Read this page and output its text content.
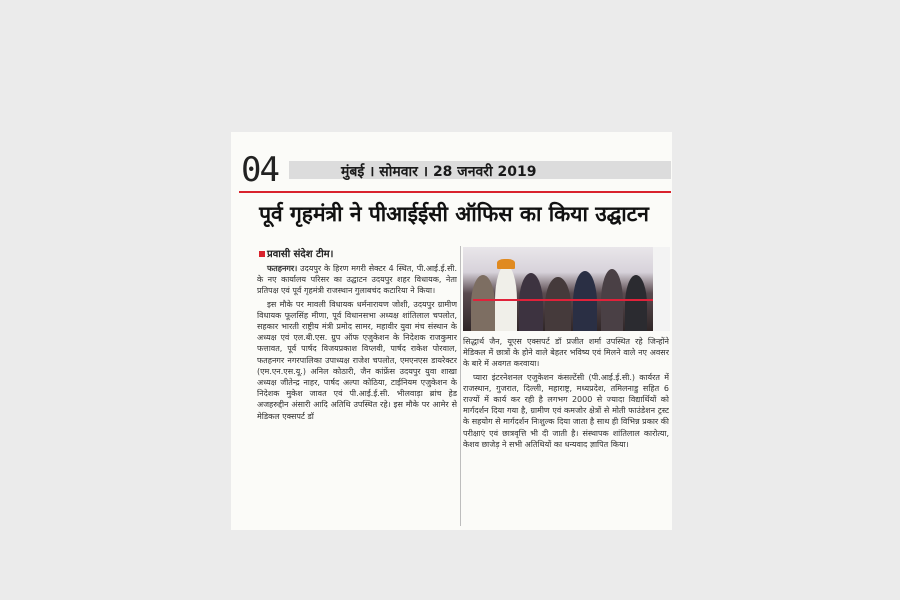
04	मुंबई । सोमवार । 28 जनवरी 2019
पूर्व गृहमंत्री ने पीआईईसी ऑफिस का किया उद्घाटन
प्रवासी संदेश टीम।

फतहनगर। उदयपुर के हिरण मगरी सेक्टर 4 स्थित, पी.आई.ई.सी. के नए कार्यालय परिसर का उद्घाटन उदयपुर शहर विधायक, नेता प्रतिपक्ष एवं पूर्व गृहमंत्री राजस्थान गुलाबचंद कटारिया ने किया।

इस मौके पर मावली विधायक धर्मनारायण जोशी, उदयपुर ग्रामीण विधायक फूलसिंह मीणा, पूर्व विधानसभा अध्यक्ष शांतिलाल चपलोत, सहकार भारती राष्ट्रीय मंत्री प्रमोद सामर, महावीर युवा मंच संस्थान के अध्यक्ष एवं एल.बी.एस. ग्रुप ऑफ एजुकेशन के निदेशक राजकुमार फत्तावत, पूर्व पार्षद विजयप्रकाश विप्लवी, पार्षद राकेश पोरवाल, फतहनगर नगरपालिका उपाध्यक्ष राजेश चपलोत, एमएनएस डायरेक्टर (एम.एन.एस.यू.) अनिल कोठारी, जैन कांफ्रेंस उदयपुर युवा शाखा अध्यक्ष जीतेन्द्र नाहर, पार्षद अल्पा कोठिया, टाईनियम एजुकेशन के निदेशक मुकेश जावत एवं पी.आई.ई.सी. भीलवाड़ा ब्रांच हेड अजहरुद्दीन अंसारी आदि अतिथि उपस्थित रहे। इस मौके पर आमेर से मेडिकल एक्सपर्ट डॉ

सिद्धार्थ जैन, यूएस एक्सपर्ट डॉ प्रजीत शर्मा उपस्थित रहे जिन्होंने मेडिकल में छात्रों के होने वाले बेहतर भविष्य एवं मिलने वाले नए अवसर के बारे में अवगत करवाया।

प्यारा इंटरनेशनल एजुकेशन कंसल्टेंसी (पी.आई.ई.सी.) कार्यरत में राजस्थान, गुजरात, दिल्ली, महाराष्ट्र, मध्यप्रदेश, तमिलनाडु सहित 6 राज्यों में कार्य कर रही है लगभग 2000 से ज्यादा विद्यार्थियों को मार्गदर्शन दिया गया है, ग्रामीण एवं कमजोर क्षेत्रों से मोती फाउंडेशन ट्रस्ट के सहयोग से मार्गदर्शन निःशुल्क दिया जाता है साथ ही विभिन्न प्रकार की परीक्षाएं एवं छात्रवृत्ति भी दी जाती है। संस्थापक शांतिलाल कारोत्या, केशव छाजेड़ ने सभी अतिथियों का धन्यवाद ज्ञापित किया।
